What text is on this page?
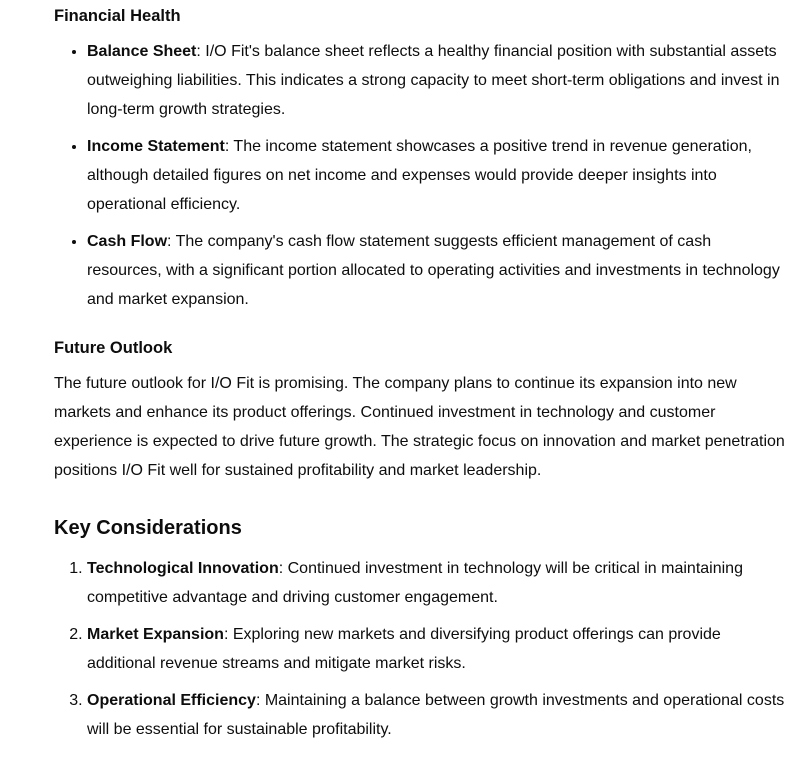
Financial Health
• Balance Sheet: I/O Fit's balance sheet reflects a healthy financial position with substantial assets outweighing liabilities. This indicates a strong capacity to meet short-term obligations and invest in long-term growth strategies.
• Income Statement: The income statement showcases a positive trend in revenue generation, although detailed figures on net income and expenses would provide deeper insights into operational efficiency.
• Cash Flow: The company's cash flow statement suggests efficient management of cash resources, with a significant portion allocated to operating activities and investments in technology and market expansion.
Future Outlook

The future outlook for I/O Fit is promising. The company plans to continue its expansion into new markets and enhance its product offerings. Continued investment in technology and customer experience is expected to drive future growth. The strategic focus on innovation and market penetration positions I/O Fit well for sustained profitability and market leadership.

Key Considerations
1. Technological Innovation: Continued investment in technology will be critical in maintaining competitive advantage and driving customer engagement.
2. Market Expansion: Exploring new markets and diversifying product offerings can provide additional revenue streams and mitigate market risks.
3. Operational Efficiency: Maintaining a balance between growth investments and operational costs will be essential for sustainable profitability.
